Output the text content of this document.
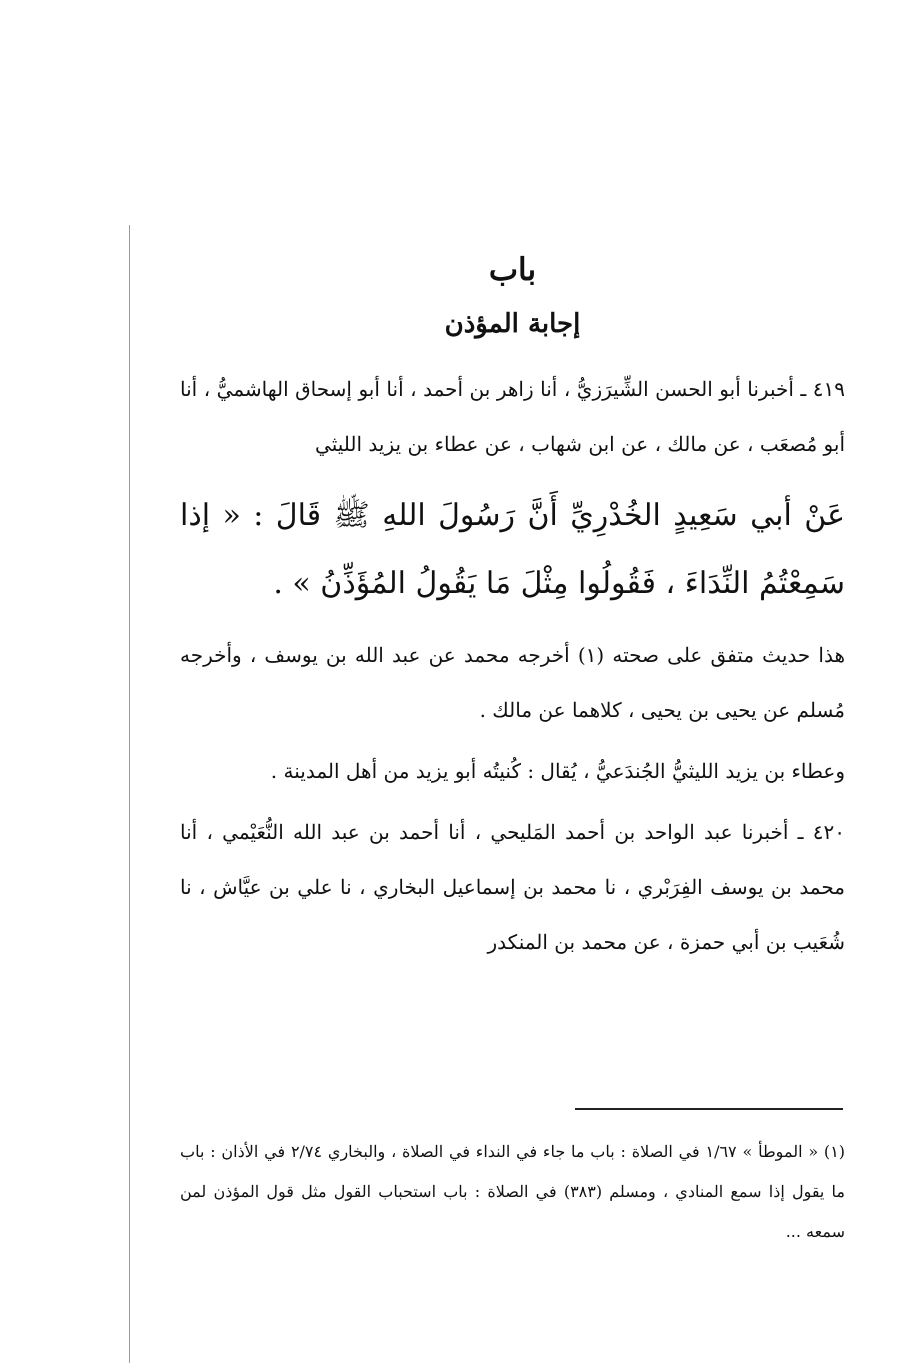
باب
إجابة المؤذن

٤١٩ ـ أخبرنا أبو الحسن الشِّيرَزيُّ ، أنا زاهر بن أحمد ، أنا أبو إسحاق الهاشميُّ ، أنا أبو مُصعَب ، عن مالك ، عن ابن شهاب ، عن عطاء بن يزيد الليثي

عَنْ أبي سَعِيدٍ الخُدْرِيِّ أَنَّ رَسُولَ اللهِ ﷺ قَالَ : « إذا سَمِعْتُمُ النِّدَاءَ ، فَقُولُوا مِثْلَ مَا يَقُولُ المُؤَذِّنُ » .

هذا حديث متفق على صحته (١) أخرجه محمد عن عبد الله بن يوسف ، وأخرجه مُسلم عن يحيى بن يحيى ، كلاهما عن مالك .

وعطاء بن يزيد الليثيُّ الجُندَعيُّ ، يُقال : كُنيتُه أبو يزيد من أهل المدينة .

٤٢٠ ـ أخبرنا عبد الواحد بن أحمد المَليحي ، أنا أحمد بن عبد الله النُّعَيْمي ، أنا محمد بن يوسف الفِرَبْري ، نا محمد بن إسماعيل البخاري ، نا علي بن عيَّاش ، نا شُعَيب بن أبي حمزة ، عن محمد بن المنكدر

(١) « الموطأ » ١/٦٧ في الصلاة : باب ما جاء في النداء في الصلاة ، والبخاري ٢/٧٤ في الأذان : باب ما يقول إذا سمع المنادي ، ومسلم (٣٨٣) في الصلاة : باب استحباب القول مثل قول المؤذن لمن سمعه ...
